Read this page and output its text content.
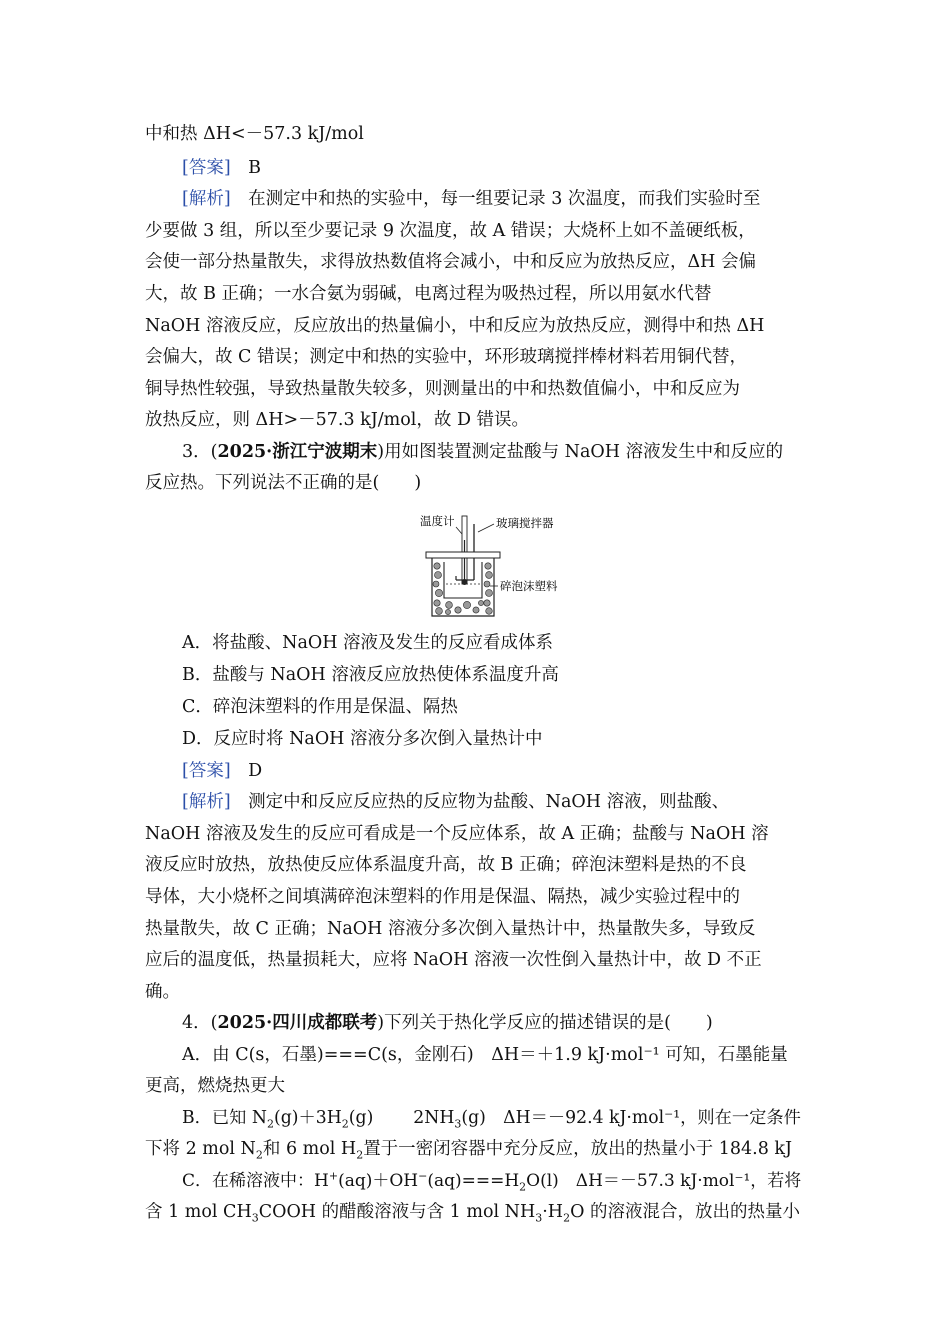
中和热 ΔH<－57.3 kJ/mol
[答案]　 B
[解析]　 在测定中和热的实验中，每一组要记录 3 次温度，而我们实验时至
少要做 3 组，所以至少要记录 9 次温度，故 A 错误；大烧杯上如不盖硬纸板，
会使一部分热量散失，求得放热数值将会减小，中和反应为放热反应，ΔH 会偏
大，故 B 正确；一水合氨为弱碱，电离过程为吸热过程，所以用氨水代替
NaOH 溶液反应，反应放出的热量偏小，中和反应为放热反应，测得中和热 ΔH
会偏大，故 C 错误；测定中和热的实验中，环形玻璃搅拌棒材料若用铜代替，
铜导热性较强，导致热量散失较多，则测量出的中和热数值偏小，中和反应为
放热反应，则 ΔH>－57.3 kJ/mol，故 D 错误。
3．(2025·浙江宁波期末)用如图装置测定盐酸与 NaOH 溶液发生中和反应的
反应热。下列说法不正确的是(　　)
温度计	玻璃搅拌器
碎泡沫塑料
A．将盐酸、NaOH 溶液及发生的反应看成体系
B．盐酸与 NaOH 溶液反应放热使体系温度升高
C．碎泡沫塑料的作用是保温、隔热
D．反应时将 NaOH 溶液分多次倒入量热计中
[答案]　 D
[解析]　 测定中和反应反应热的反应物为盐酸、NaOH 溶液，则盐酸、
NaOH 溶液及发生的反应可看成是一个反应体系，故 A 正确；盐酸与 NaOH 溶
液反应时放热，放热使反应体系温度升高，故 B 正确；碎泡沫塑料是热的不良
导体，大小烧杯之间填满碎泡沫塑料的作用是保温、隔热，减少实验过程中的
热量散失，故 C 正确；NaOH 溶液分多次倒入量热计中，热量散失多，导致反
应后的温度低，热量损耗大，应将 NaOH 溶液一次性倒入量热计中，故 D 不正
确。
4．(2025·四川成都联考)下列关于热化学反应的描述错误的是(　　)
A．由 C(s，石墨)===C(s，金刚石)　ΔH＝＋1.9 kJ·mol⁻¹ 可知，石墨能量
更高，燃烧热更大
B．已知 $N_2(g)+3H_2(g)$　　 $2NH_3(g)$　ΔH＝－92.4 kJ·mol⁻¹，则在一定条件
下将 2 mol $N_2$和 6 mol $H_2$置于一密闭容器中充分反应，放出的热量小于 184.8 kJ
C．在稀溶液中：$H^+(aq)+OH^-(aq)===H_2O(l)$　ΔH＝－57.3 kJ·mol⁻¹，若将
含 1 mol $CH_3COOH$ 的醋酸溶液与含 1 mol $NH_3\cdot H_2O$ 的溶液混合，放出的热量小
